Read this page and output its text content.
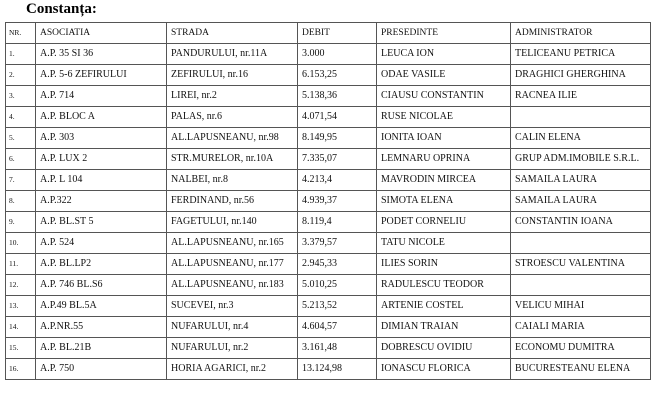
Constanța:
NR.	ASOCIATIA	STRADA	DEBIT	PRESEDINTE	ADMINISTRATOR
1.	A.P. 35 SI 36	PANDURULUI, nr.11A	3.000	LEUCA ION	TELICEANU PETRICA
2.	A.P. 5-6 ZEFIRULUI	ZEFIRULUI, nr.16	6.153,25	ODAE VASILE	DRAGHICI GHERGHINA
3.	A.P. 714	LIREI, nr.2	5.138,36	CIAUSU CONSTANTIN	RACNEA ILIE
4.	A.P. BLOC A	PALAS, nr.6	4.071,54	RUSE NICOLAE	
5.	A.P. 303	AL.LAPUSNEANU, nr.98	8.149,95	IONITA IOAN	CALIN ELENA
6.	A.P. LUX 2	STR.MURELOR, nr.10A	7.335,07	LEMNARU OPRINA	GRUP ADM.IMOBILE S.R.L.
7.	A.P. L 104	NALBEI, nr.8	4.213,4	MAVRODIN MIRCEA	SAMAILA LAURA
8.	A.P.322	FERDINAND, nr.56	4.939,37	SIMOTA ELENA	SAMAILA LAURA
9.	A.P. BL.ST 5	FAGETULUI, nr.140	8.119,4	PODET CORNELIU	CONSTANTIN IOANA
10.	A.P. 524	AL.LAPUSNEANU, nr.165	3.379,57	TATU NICOLE	
11.	A.P. BL.LP2	AL.LAPUSNEANU, nr.177	2.945,33	ILIES SORIN	STROESCU VALENTINA
12.	A.P. 746 BL.S6	AL.LAPUSNEANU, nr.183	5.010,25	RADULESCU TEODOR	
13.	A.P.49 BL.5A	SUCEVEI, nr.3	5.213,52	ARTENIE COSTEL	VELICU MIHAI
14.	A.P.NR.55	NUFARULUI, nr.4	4.604,57	DIMIAN TRAIAN	CAIALI MARIA
15.	A.P. BL.21B	NUFARULUI, nr.2	3.161,48	DOBRESCU OVIDIU	ECONOMU DUMITRA
16.	A.P. 750	HORIA AGARICI, nr.2	13.124,98	IONASCU FLORICA	BUCURESTEANU ELENA
